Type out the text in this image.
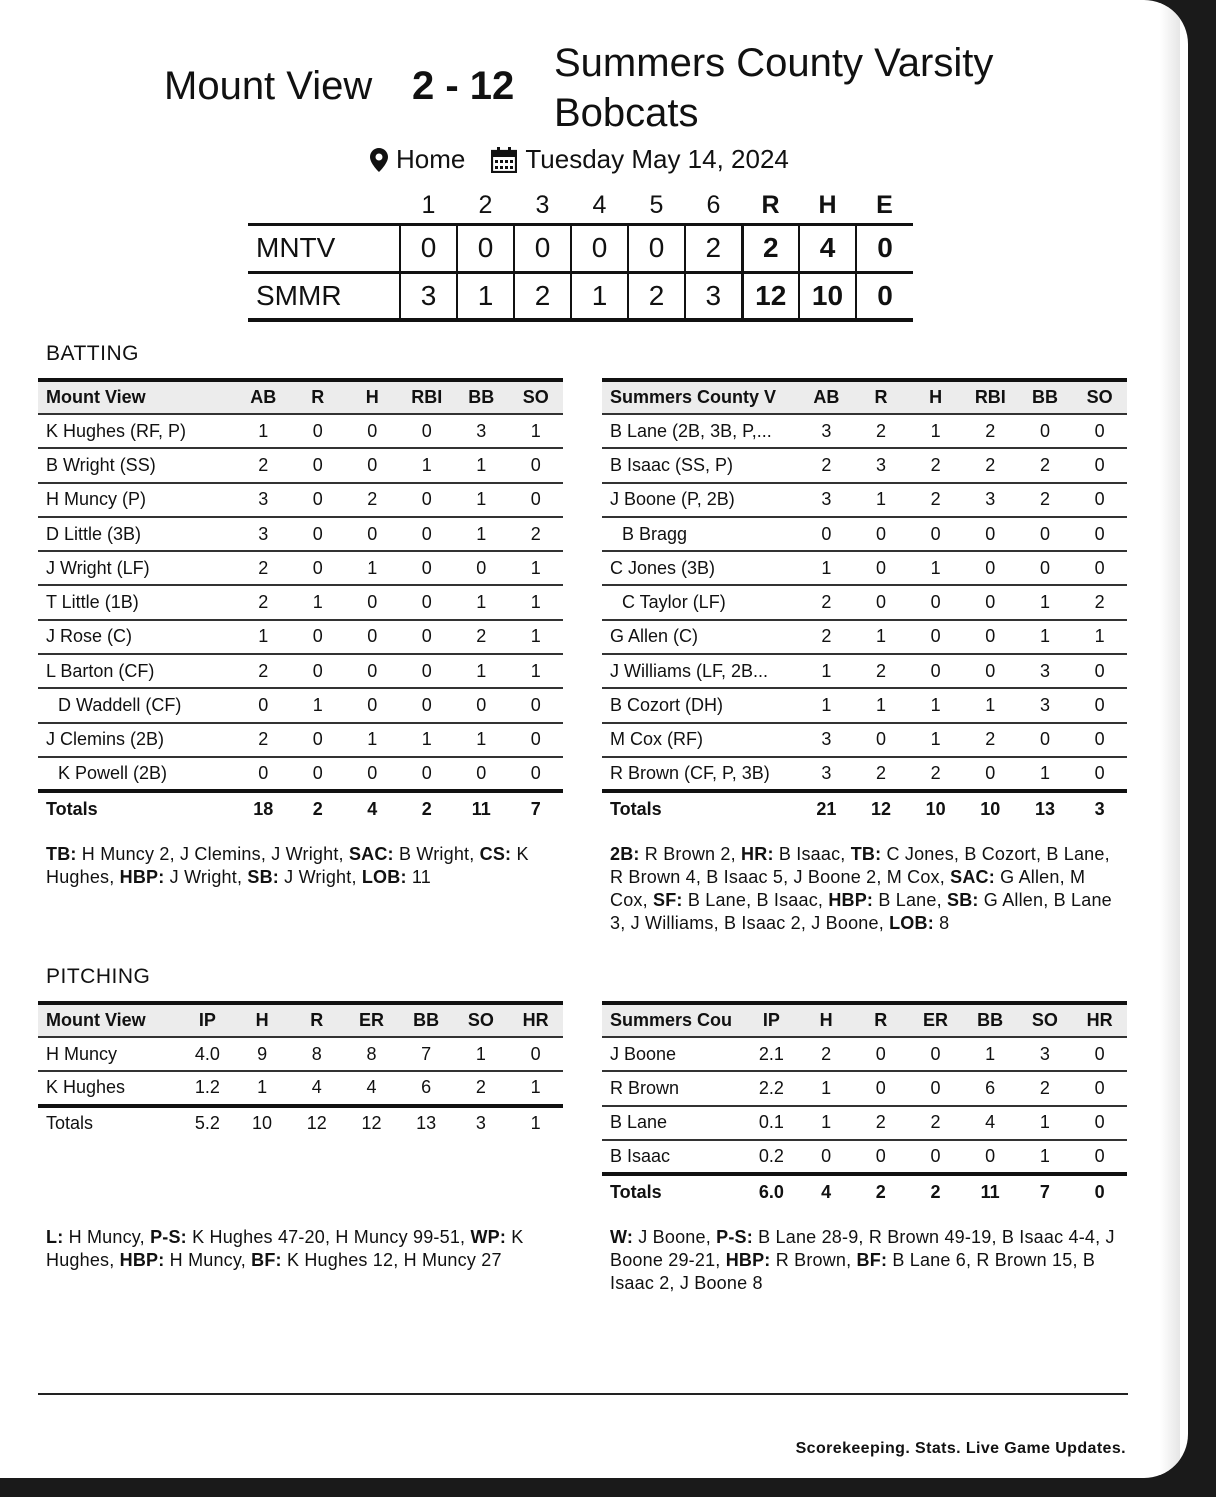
Mount View 2 - 12
Summers County Varsity Bobcats
Home Tuesday May 14, 2024
	1	2	3	4	5	6	R	H	E
MNTV	0	0	0	0	0	2	2	4	0
SMMR	3	1	2	1	2	3	12	10	0
BATTING
Mount View	AB	R	H	RBI	BB	SO
K Hughes (RF, P)	1	0	0	0	3	1
B Wright (SS)	2	0	0	1	1	0
H Muncy (P)	3	0	2	0	1	0
D Little (3B)	3	0	0	0	1	2
J Wright (LF)	2	0	1	0	0	1
T Little (1B)	2	1	0	0	1	1
J Rose (C)	1	0	0	0	2	1
L Barton (CF)	2	0	0	0	1	1
D Waddell (CF)	0	1	0	0	0	0
J Clemins (2B)	2	0	1	1	1	0
K Powell (2B)	0	0	0	0	0	0
Totals	18	2	4	2	11	7
Summers County V	AB	R	H	RBI	BB	SO
B Lane (2B, 3B, P,...	3	2	1	2	0	0
B Isaac (SS, P)	2	3	2	2	2	0
J Boone (P, 2B)	3	1	2	3	2	0
B Bragg	0	0	0	0	0	0
C Jones (3B)	1	0	1	0	0	0
C Taylor (LF)	2	0	0	0	1	2
G Allen (C)	2	1	0	0	1	1
J Williams (LF, 2B...	1	2	0	0	3	0
B Cozort (DH)	1	1	1	1	3	0
M Cox (RF)	3	0	1	2	0	0
R Brown (CF, P, 3B)	3	2	2	0	1	0
Totals	21	12	10	10	13	3
TB: H Muncy 2, J Clemins, J Wright, SAC: B Wright, CS: K Hughes, HBP: J Wright, SB: J Wright, LOB: 11
2B: R Brown 2, HR: B Isaac, TB: C Jones, B Cozort, B Lane, R Brown 4, B Isaac 5, J Boone 2, M Cox, SAC: G Allen, M Cox, SF: B Lane, B Isaac, HBP: B Lane, SB: G Allen, B Lane 3, J Williams, B Isaac 2, J Boone, LOB: 8
PITCHING
Mount View	IP	H	R	ER	BB	SO	HR
H Muncy	4.0	9	8	8	7	1	0
K Hughes	1.2	1	4	4	6	2	1
Totals	5.2	10	12	12	13	3	1
Summers Cou	IP	H	R	ER	BB	SO	HR
J Boone	2.1	2	0	0	1	3	0
R Brown	2.2	1	0	0	6	2	0
B Lane	0.1	1	2	2	4	1	0
B Isaac	0.2	0	0	0	0	1	0
Totals	6.0	4	2	2	11	7	0
L: H Muncy, P-S: K Hughes 47-20, H Muncy 99-51, WP: K Hughes, HBP: H Muncy, BF: K Hughes 12, H Muncy 27
W: J Boone, P-S: B Lane 28-9, R Brown 49-19, B Isaac 4-4, J Boone 29-21, HBP: R Brown, BF: B Lane 6, R Brown 15, B Isaac 2, J Boone 8
Scorekeeping. Stats. Live Game Updates.
